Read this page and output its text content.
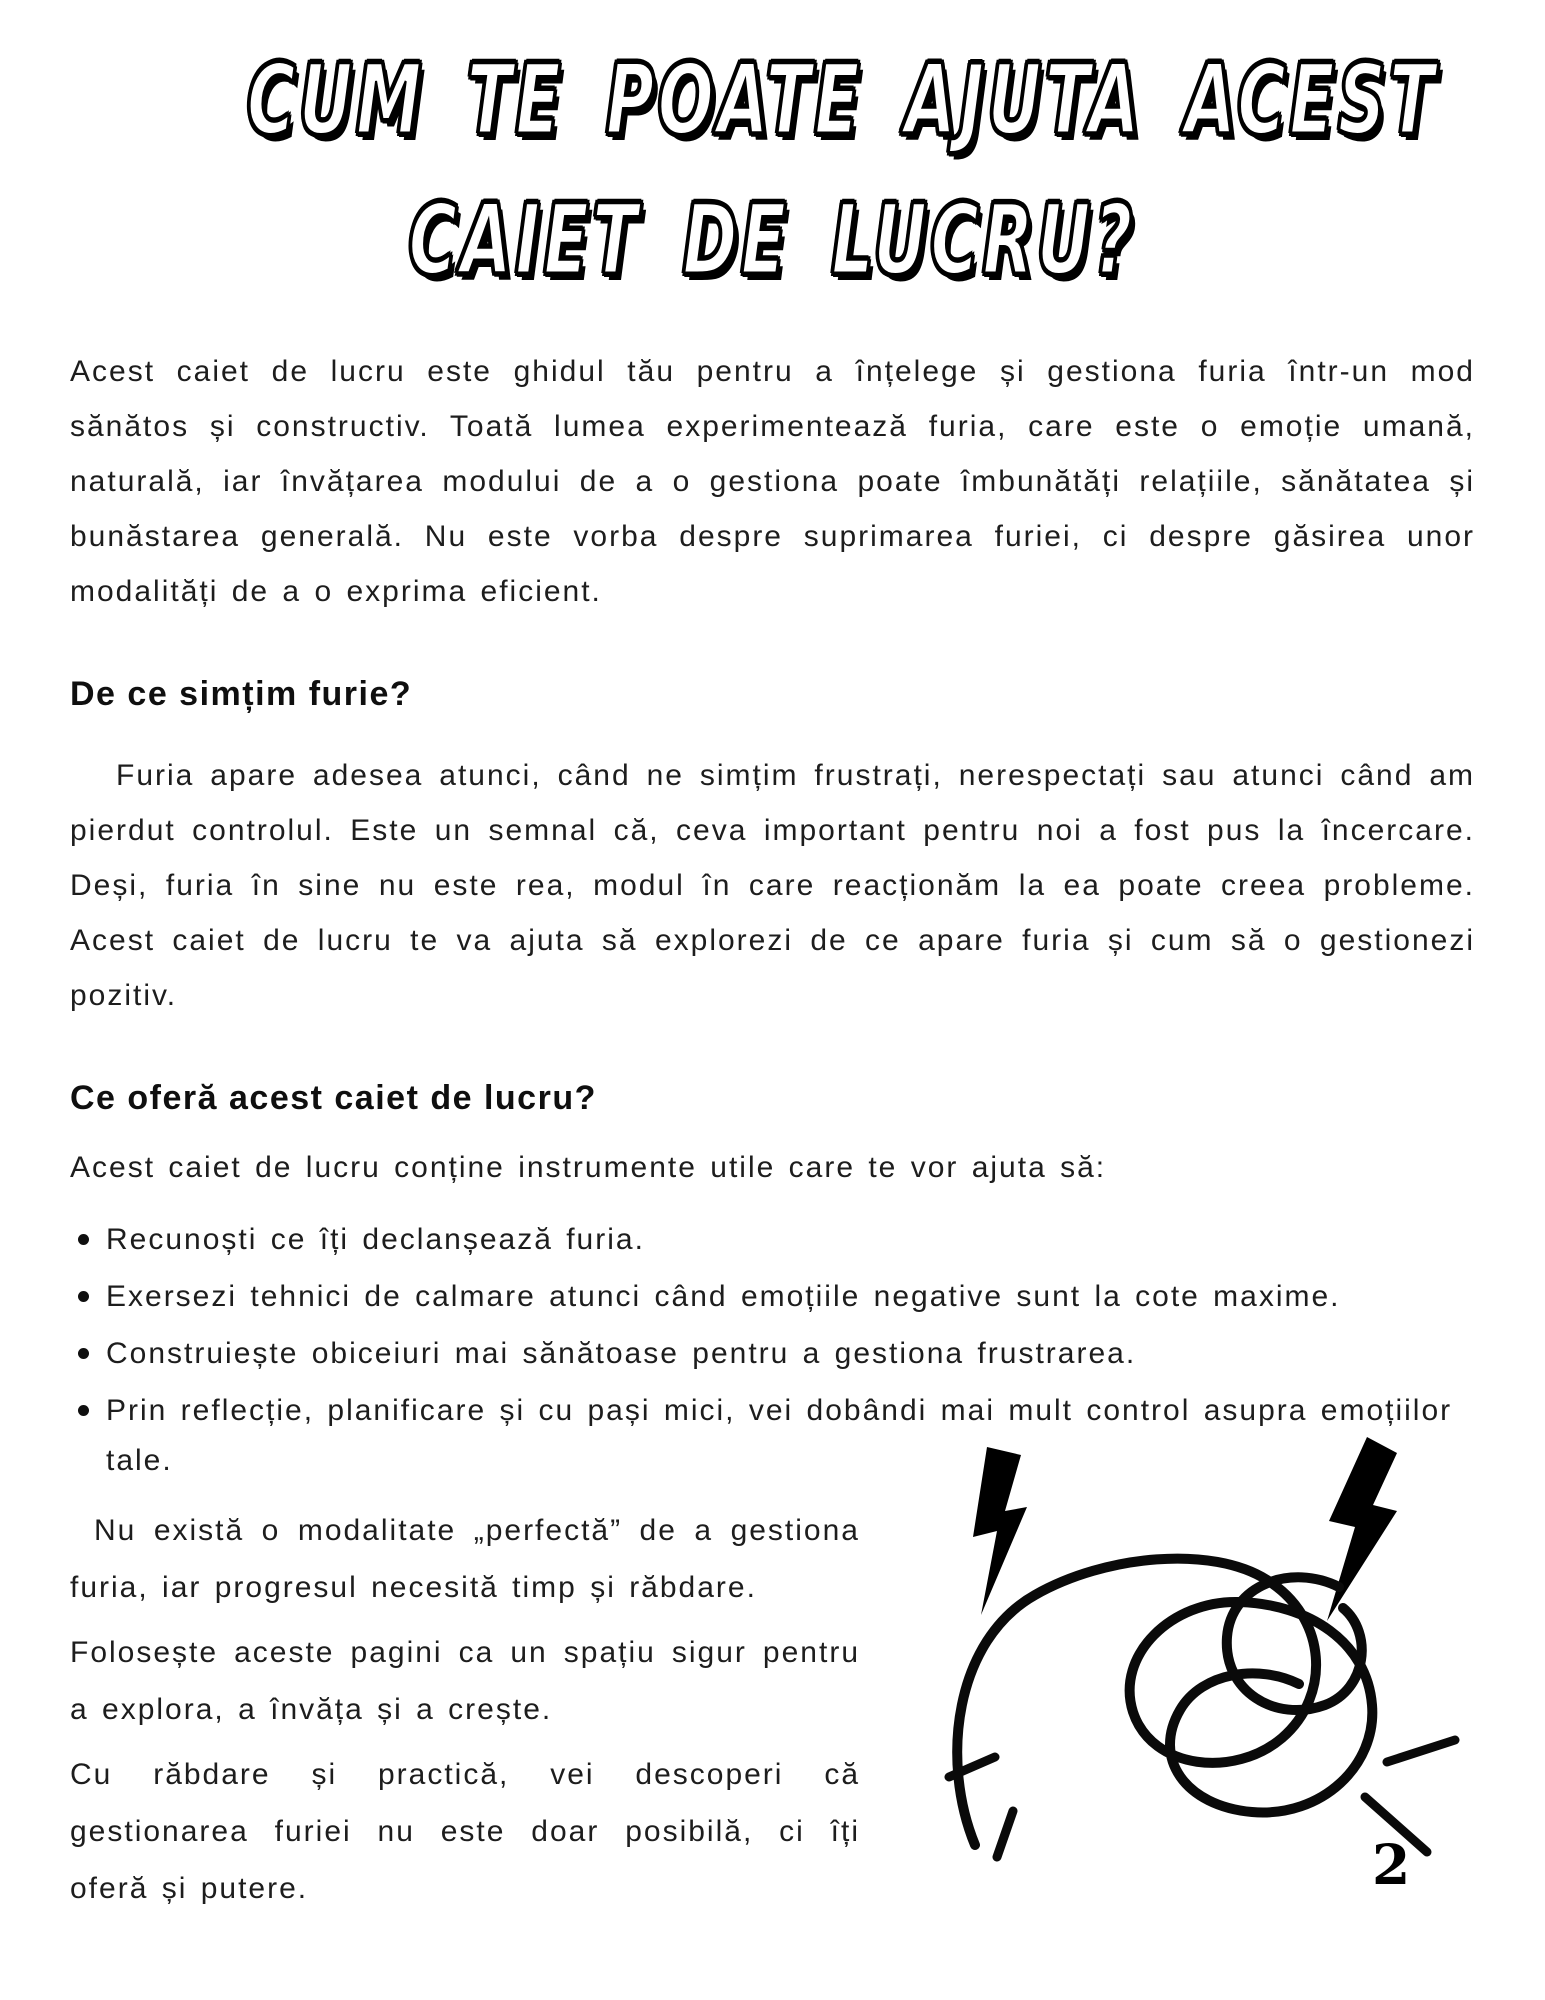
CUM TE POATE AJUTA ACEST
CAIET DE LUCRU?

Acest caiet de lucru este ghidul tău pentru a înțelege și gestiona furia într-un mod sănătos și constructiv. Toată lumea experimentează furia, care este o emoție umană, naturală, iar învățarea modului de a o gestiona poate îmbunătăți relațiile, sănătatea și bunăstarea generală. Nu este vorba despre suprimarea furiei, ci despre găsirea unor modalități de a o exprima eficient.

De ce simțim furie?

Furia apare adesea atunci, când ne simțim frustrați, nerespectați sau atunci când am pierdut controlul. Este un semnal că, ceva important pentru noi a fost pus la încercare. Deși, furia în sine nu este rea, modul în care reacționăm la ea poate creea probleme. Acest caiet de lucru te va ajuta să explorezi de ce apare furia și cum să o gestionezi pozitiv.

Ce oferă acest caiet de lucru?

Acest caiet de lucru conține instrumente utile care te vor ajuta să:

Recunoști ce îți declanșează furia.
Exersezi tehnici de calmare atunci când emoțiile negative sunt la cote maxime.
Construiește obiceiuri mai sănătoase pentru a gestiona frustrarea.
Prin reflecție, planificare și cu pași mici, vei dobândi mai mult control asupra emoțiilor tale.

Nu există o modalitate „perfectă” de a gestiona furia, iar progresul necesită timp și răbdare.

Folosește aceste pagini ca un spațiu sigur pentru a explora, a învăța și a crește.

Cu răbdare și practică, vei descoperi că gestionarea furiei nu este doar posibilă, ci îți oferă și putere.	2
